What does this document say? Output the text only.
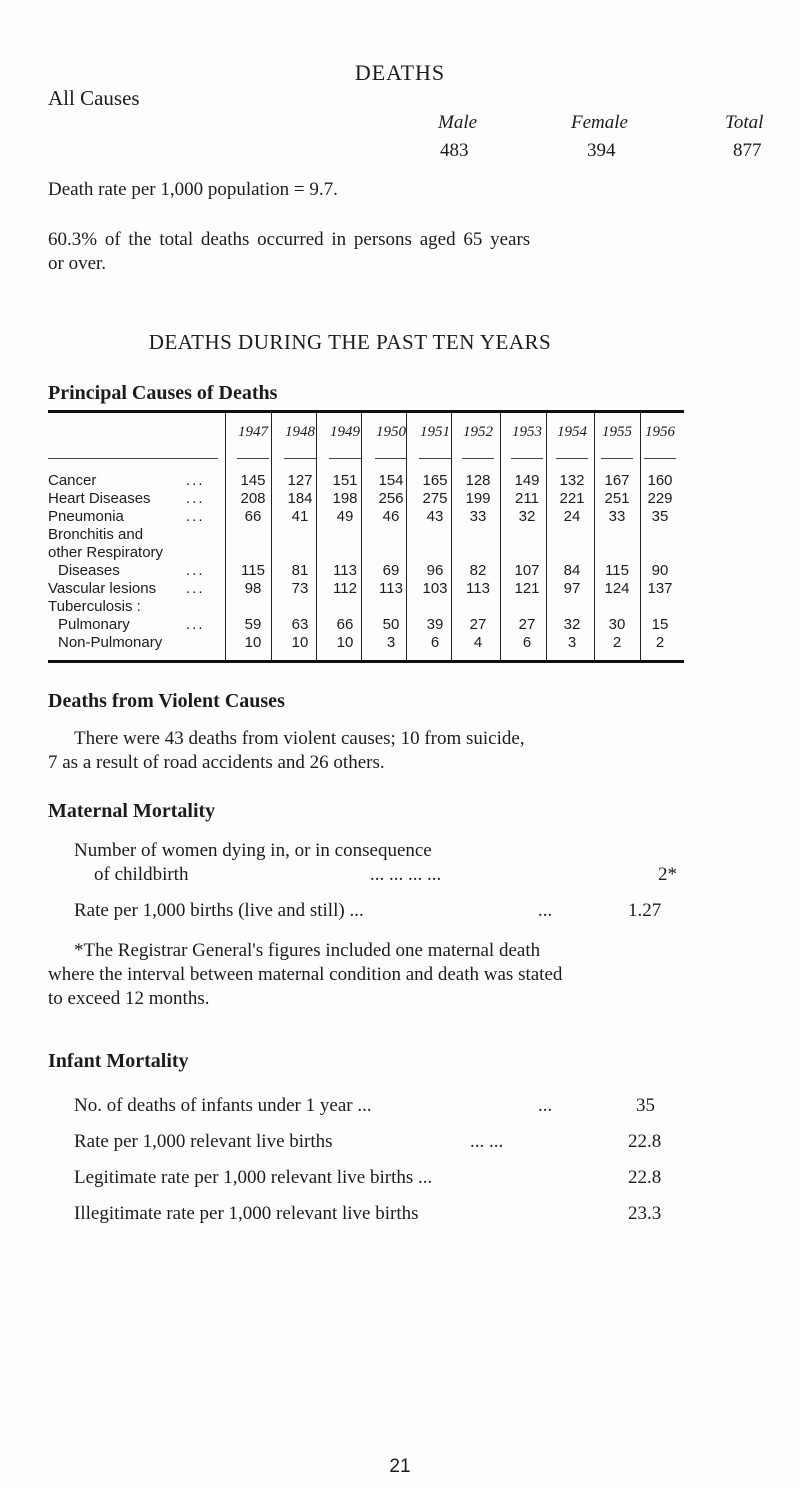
DEATHS
All Causes
Male	Female	Total
483	394	877
Death rate per 1,000 population = 9.7.
60.3% of the total deaths occurred in persons aged 65 years
or over.
DEATHS DURING THE PAST TEN YEARS
Principal Causes of Deaths
1947	1948	1949	1950 1951 1952	1953	1954	1955 1956
Cancer	...	145	127	151	154	165	128	149	132	167	160
Heart Diseases ...	208	184	198	256	275	199	211	221	251	229
Pneumonia	...	66	41	49	46	43	33	32	24	33	35
Bronchitis and
other Respiratory
Diseases	...	115	81	113	69	96	82	107	84	115	90
Vascular lesions ...	98	73	112	113	103	113	121	97	124	137
Tuberculosis :
Pulmonary	...	59	63	66	50	39	27	27	32	30	15
Non-Pulmonary	10	10	10	3	6	4	6	3	2	2
Deaths from Violent Causes
There were 43 deaths from violent causes; 10 from suicide,
7 as a result of road accidents and 26 others.
Maternal Mortality
Number of women dying in, or in consequence
of childbirth	... ... ... ...	2*
Rate per 1,000 births (live and still) ...	...	1.27
*The Registrar General's figures included one maternal death
21
where the interval between maternal condition and death was stated
to exceed 12 months.
Infant Mortality
No. of deaths of infants under 1 year ...	...	35
Rate per 1,000 relevant live births	... ...	22.8
Legitimate rate per 1,000 relevant live births ...	22.8
Illegitimate rate per 1,000 relevant live births	23.3
